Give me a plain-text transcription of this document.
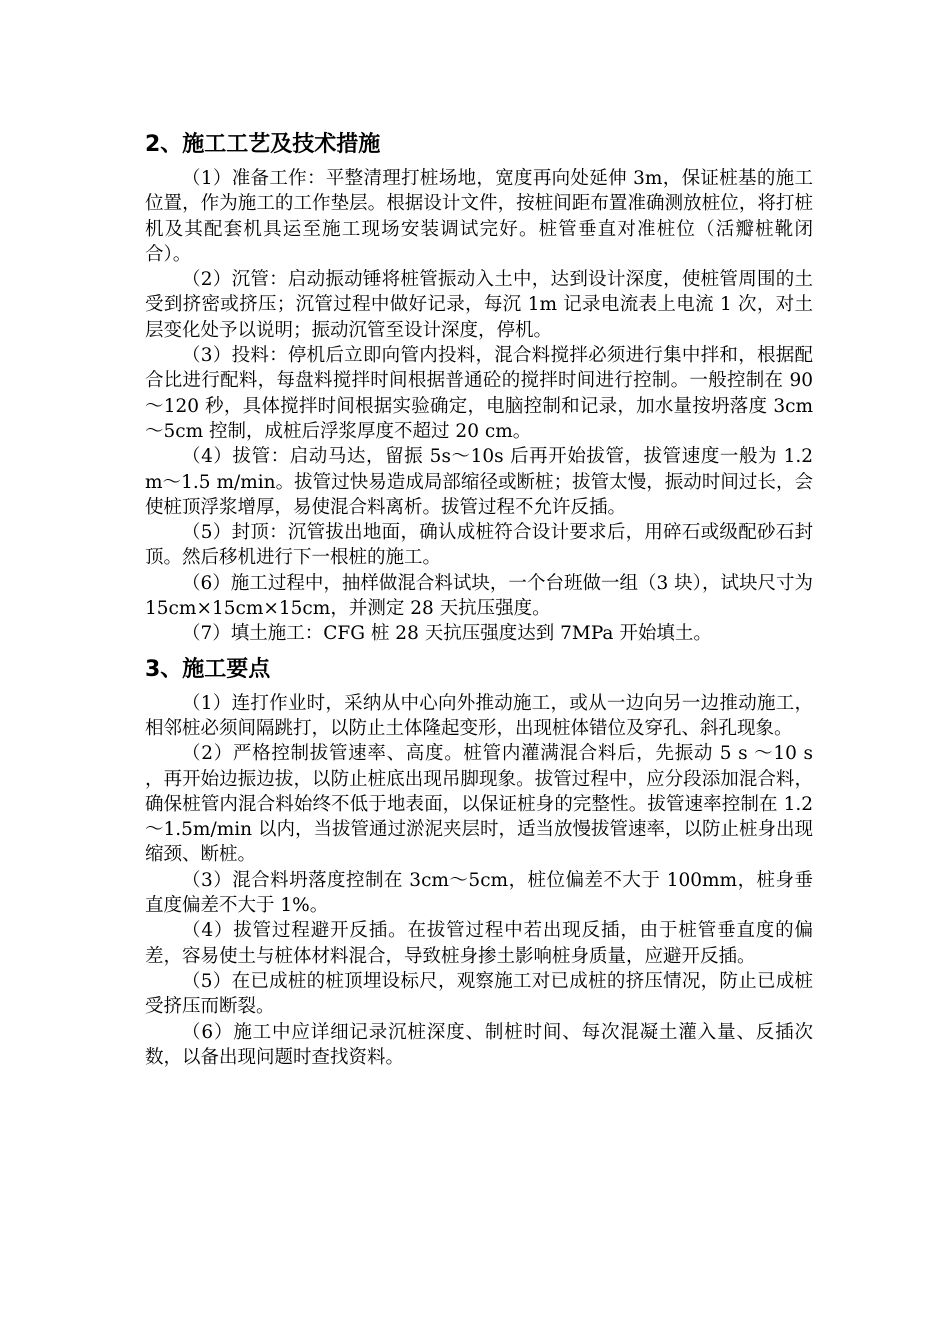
2、施工工艺及技术措施

（1）准备工作：平整清理打桩场地，宽度再向处延伸 3m，保证桩基的施工位置，作为施工的工作垫层。根据设计文件，按桩间距布置准确测放桩位，将打桩机及其配套机具运至施工现场安装调试完好。桩管垂直对准桩位（活瓣桩靴闭合）。

（2）沉管：启动振动锤将桩管振动入土中，达到设计深度，使桩管周围的土受到挤密或挤压；沉管过程中做好记录，每沉 1m 记录电流表上电流 1 次，对土层变化处予以说明；振动沉管至设计深度，停机。

（3）投料：停机后立即向管内投料，混合料搅拌必须进行集中拌和，根据配合比进行配料，每盘料搅拌时间根据普通砼的搅拌时间进行控制。一般控制在 90～120 秒，具体搅拌时间根据实验确定，电脑控制和记录，加水量按坍落度 3cm～5cm 控制，成桩后浮浆厚度不超过 20 cm。

（4）拔管：启动马达，留振 5s～10s 后再开始拔管，拔管速度一般为 1.2 m～1.5 m/min。拔管过快易造成局部缩径或断桩；拔管太慢，振动时间过长，会使桩顶浮浆增厚，易使混合料离析。拔管过程不允许反插。

（5）封顶：沉管拔出地面，确认成桩符合设计要求后，用碎石或级配砂石封顶。然后移机进行下一根桩的施工。

（6）施工过程中，抽样做混合料试块，一个台班做一组（3 块），试块尺寸为 15cm×15cm×15cm，并测定 28 天抗压强度。

（7）填土施工：CFG 桩 28 天抗压强度达到 7MPa 开始填土。

3、施工要点

（1）连打作业时，采纳从中心向外推动施工，或从一边向另一边推动施工，相邻桩必须间隔跳打，以防止土体隆起变形，出现桩体错位及穿孔、斜孔现象。

（2）严格控制拔管速率、高度。桩管内灌满混合料后，先振动 5 s ～10 s ，再开始边振边拔，以防止桩底出现吊脚现象。拔管过程中，应分段添加混合料，确保桩管内混合料始终不低于地表面，以保证桩身的完整性。拔管速率控制在 1.2～1.5m/min 以内，当拔管通过淤泥夹层时，适当放慢拔管速率，以防止桩身出现缩颈、断桩。

（3）混合料坍落度控制在 3cm～5cm，桩位偏差不大于 100mm，桩身垂直度偏差不大于 1%。

（4）拔管过程避开反插。在拔管过程中若出现反插，由于桩管垂直度的偏差，容易使土与桩体材料混合，导致桩身掺土影响桩身质量，应避开反插。

（5）在已成桩的桩顶埋设标尺，观察施工对已成桩的挤压情况，防止已成桩受挤压而断裂。

（6）施工中应详细记录沉桩深度、制桩时间、每次混凝土灌入量、反插次数，以备出现问题时查找资料。
